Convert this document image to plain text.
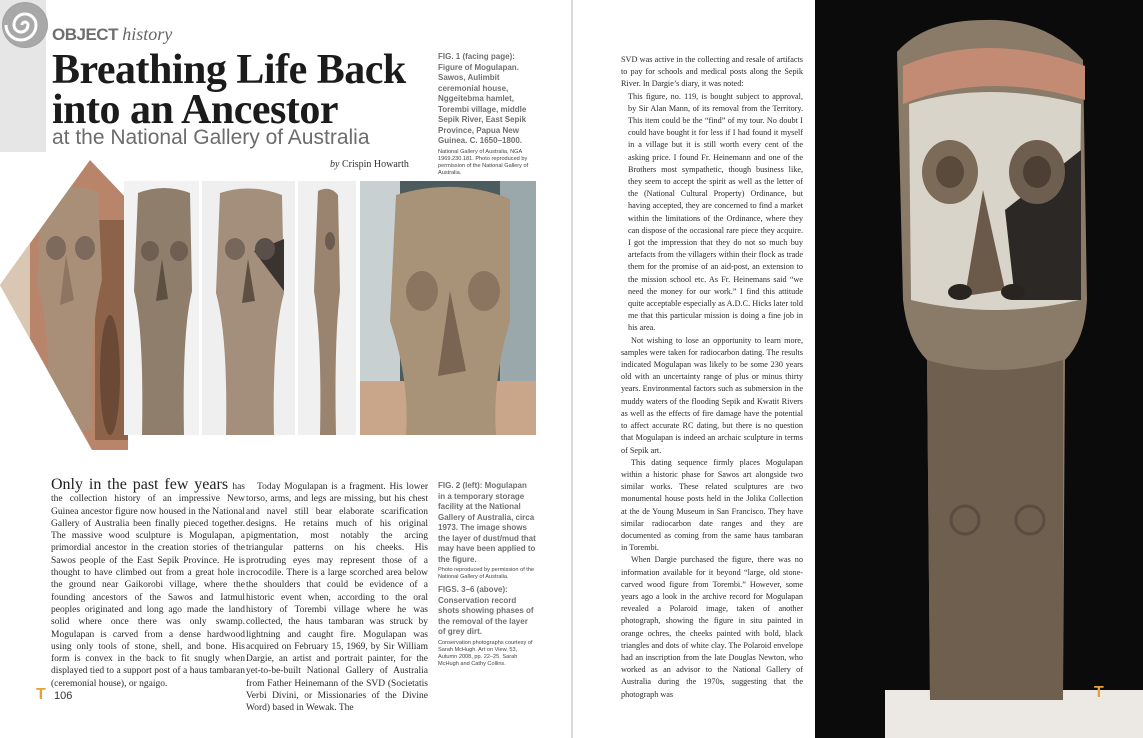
OBJECT history
Breathing Life Back
into an Ancestor
at the National Gallery of Australia
by Crispin Howarth
FIG. 1 (facing page): Figure of Mogulapan. Sawos, Aulimbit ceremonial house, Nggeitebma hamlet, Torembi village, middle Sepik River, East Sepik Province, Papua New Guinea. C. 1650–1800.
National Gallery of Australia, NGA 1969.230.181. Photo reproduced by permission of the National Gallery of Australia.
Only in the past few years has the collection history of an impressive New Guinea ancestor figure now housed in the National Gallery of Australia been finally pieced together. The massive wood sculpture is Mogulapan, a primordial ancestor in the creation stories of the Sawos people of the East Sepik Province. He is thought to have climbed out from a great hole in the ground near Gaikorobi village, where the founding ancestors of the Sawos and Iatmul peoples originated and long ago made the land solid where once there was only swamp. Mogulapan is carved from a dense hardwood using only tools of stone, shell, and bone. His form is convex in the back to fit snugly when displayed tied to a support post of a haus tambaran (ceremonial house), or ngaigo.

Today Mogulapan is a fragment. His lower torso, arms, and legs are missing, but his chest and navel still bear elaborate scarification designs. He retains much of his original pigmentation, most notably the arcing triangular patterns on his cheeks. His protruding eyes may represent those of a crocodile. There is a large scorched area below the shoulders that could be evidence of a historic event when, according to the oral history of Torembi village where he was collected, the haus tambaran was struck by lightning and caught fire. Mogulapan was acquired on February 15, 1969, by Sir William Dargie, an artist and portrait painter, for the yet-to-be-built National Gallery of Australia from Father Heinemann of the SVD (Societatis Verbi Divini, or Missionaries of the Divine Word) based in Wewak. The

FIG. 2 (left): Mogulapan in a temporary storage facility at the National Gallery of Australia, circa 1973. The image shows the layer of dust/mud that may have been applied to the figure.
Photo reproduced by permission of the National Gallery of Australia.
FIGS. 3–6 (above): Conservation record shots showing phases of the removal of the layer of grey dirt.
Conservation photographs courtesy of Sarah McHugh. Art on View, 53, Autumn 2008, pp. 22–25. Sarah McHugh and Cathy Collins.
T 106

SVD was active in the collecting and resale of artifacts to pay for schools and medical posts along the Sepik River. In Dargie’s diary, it was noted:

This figure, no. 119, is bought subject to approval, by Sir Alan Mann, of its removal from the Territory. This item could be the “find” of my tour. No doubt I could have bought it for less if I had found it myself in a village but it is still worth every cent of the asking price. I found Fr. Heinemann and one of the Brothers most sympathetic, though business like, they seem to accept the spirit as well as the letter of the (National Cultural Property) Ordinance, but having accepted, they are concerned to find a market within the limitations of the Ordinance, where they can dispose of the occasional rare piece they acquire. I got the impression that they do not so much buy artefacts from the villagers within their flock as trade them for the promise of an aid-post, an extension to the mission school etc. As Fr. Heinemans said “we need the money for our work.” I find this attitude quite acceptable especially as A.D.C. Hicks later told me that this particular mission is doing a fine job in his area.

Not wishing to lose an opportunity to learn more, samples were taken for radiocarbon dating. The results indicated Mogulapan was likely to be some 230 years old with an uncertainty range of plus or minus thirty years. Environmental factors such as submersion in the muddy waters of the flooding Sepik and Kwatit Rivers as well as the effects of fire damage have the potential to affect accurate RC dating, but there is no question that Mogulapan is indeed an archaic sculpture in terms of Sepik art.

This dating sequence firmly places Mogulapan within a historic phase for Sawos art alongside two similar works. These related sculptures are two monumental house posts held in the Jolika Collection at the de Young Museum in San Francisco. They have similar radiocarbon date ranges and they are documented as coming from the same haus tambaran in Torembi.

When Dargie purchased the figure, there was no information available for it beyond “large, old stone-carved wood figure from Torembi.” However, some years ago a look in the archive record for Mogulapan revealed a Polaroid image, taken of another photograph, showing the figure in situ painted in orange ochres, the cheeks painted with bold, black triangles and dots of white clay. The Polaroid envelope had an inscription from the late Douglas Newton, who worked as an advisor to the National Gallery of Australia during the 1970s, suggesting that the photograph was	T
